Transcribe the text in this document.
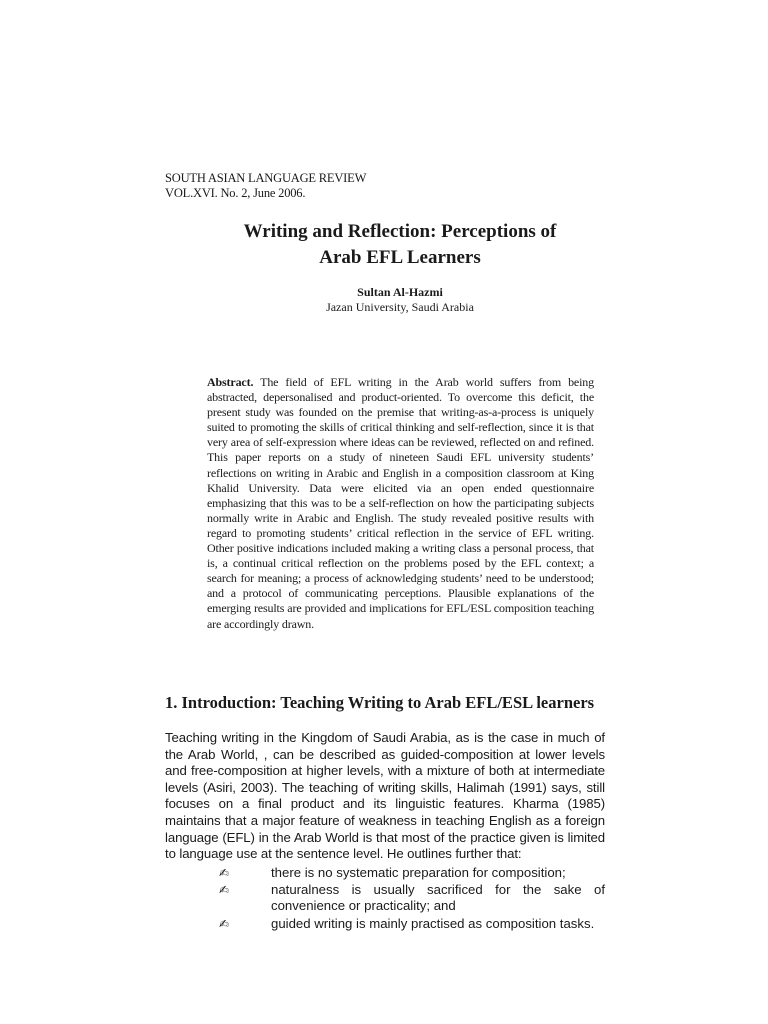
SOUTH ASIAN LANGUAGE REVIEW
VOL.XVI. No. 2, June 2006.
Writing and Reflection: Perceptions of
Arab EFL Learners
Sultan Al-Hazmi
Jazan University, Saudi Arabia
Abstract. The field of EFL writing in the Arab world suffers from being abstracted, depersonalised and product-oriented. To overcome this deficit, the present study was founded on the premise that writing-as-a-process is uniquely suited to promoting the skills of critical thinking and self-reflection, since it is that very area of self-expression where ideas can be reviewed, reflected on and refined. This paper reports on a study of nineteen Saudi EFL university students’ reflections on writing in Arabic and English in a composition classroom at King Khalid University. Data were elicited via an open ended questionnaire emphasizing that this was to be a self-reflection on how the participating subjects normally write in Arabic and English. The study revealed positive results with regard to promoting students’ critical reflection in the service of EFL writing. Other positive indications included making a writing class a personal process, that is, a continual critical reflection on the problems posed by the EFL context; a search for meaning; a process of acknowledging students’ need to be understood; and a protocol of communicating perceptions. Plausible explanations of the emerging results are provided and implications for EFL/ESL composition teaching are accordingly drawn.
1. Introduction: Teaching Writing to Arab EFL/ESL learners
Teaching writing in the Kingdom of Saudi Arabia, as is the case in much of the Arab World, , can be described as guided-composition at lower levels and free-composition at higher levels, with a mixture of both at intermediate levels (Asiri, 2003). The teaching of writing skills, Halimah (1991) says, still focuses on a final product and its linguistic features. Kharma (1985) maintains that a major feature of weakness in teaching English as a foreign language (EFL) in the Arab World is that most of the practice given is limited to language use at the sentence level. He outlines further that:
✍	there is no systematic preparation for composition;
✍	naturalness is usually sacrificed for the sake of convenience or practicality; and
✍	guided writing is mainly practised as composition tasks.
